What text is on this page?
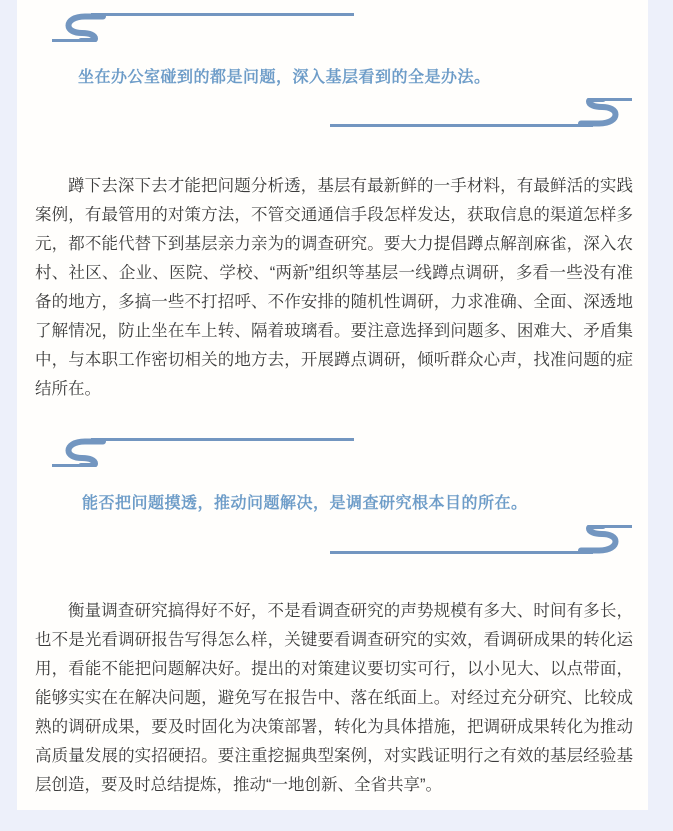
坐在办公室碰到的都是问题，深入基层看到的全是办法。
蹲下去深下去才能把问题分析透，基层有最新鲜的一手材料，有最鲜活的实践案例，有最管用的对策方法，不管交通通信手段怎样发达，获取信息的渠道怎样多元，都不能代替下到基层亲力亲为的调查研究。要大力提倡蹲点解剖麻雀，深入农村、社区、企业、医院、学校、“两新”组织等基层一线蹲点调研，多看一些没有准备的地方，多搞一些不打招呼、不作安排的随机性调研，力求准确、全面、深透地了解情况，防止坐在车上转、隔着玻璃看。要注意选择到问题多、困难大、矛盾集中，与本职工作密切相关的地方去，开展蹲点调研，倾听群众心声，找准问题的症结所在。
能否把问题摸透，推动问题解决，是调查研究根本目的所在。
衡量调查研究搞得好不好，不是看调查研究的声势规模有多大、时间有多长，也不是光看调研报告写得怎么样，关键要看调查研究的实效，看调研成果的转化运用，看能不能把问题解决好。提出的对策建议要切实可行，以小见大、以点带面，能够实实在在解决问题，避免写在报告中、落在纸面上。对经过充分研究、比较成熟的调研成果，要及时固化为决策部署，转化为具体措施，把调研成果转化为推动高质量发展的实招硬招。要注重挖掘典型案例，对实践证明行之有效的基层经验基层创造，要及时总结提炼，推动“一地创新、全省共享”。
